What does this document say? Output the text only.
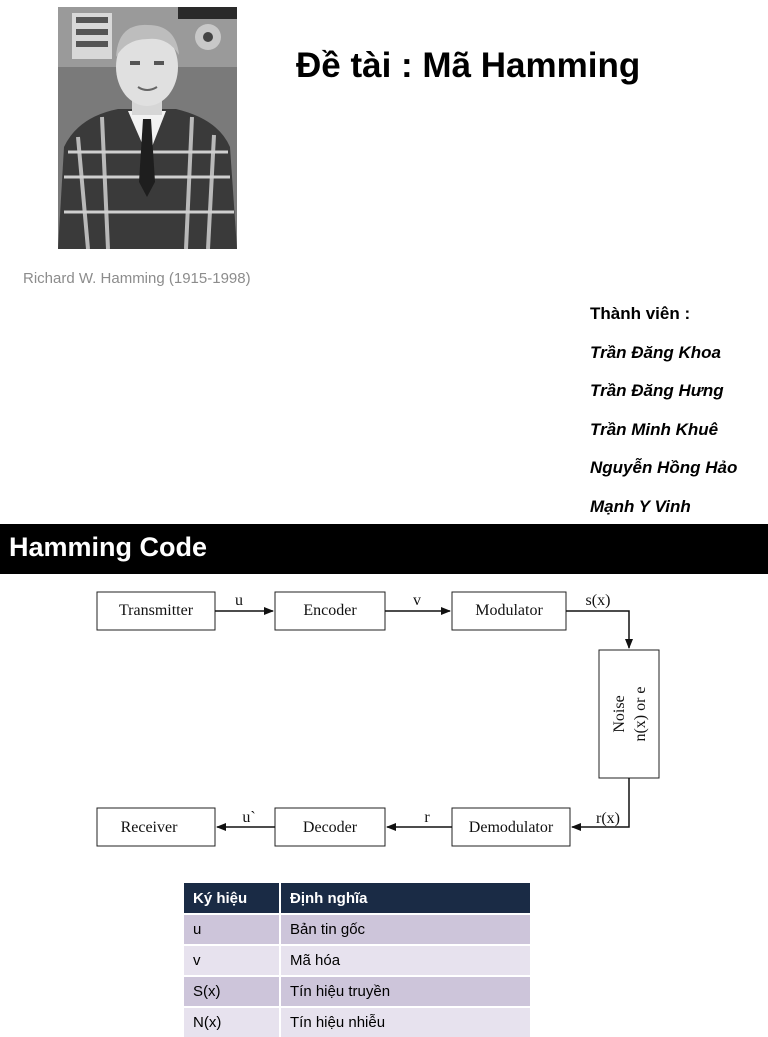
Richard W. Hamming (1915-1998)
Đề tài : Mã Hamming
Thành viên :
Trần Đăng Khoa
Trần Đăng Hưng
Trần Minh Khuê
Nguyễn Hồng Hảo
Mạnh Y Vinh
Hamming Code
Transmitter	Encoder	Modulator
Noise n(x) or e
Demodulator
Decoder
Receiver
u	v	s(x)
r(x)
r
u`
Ký hiệu	Định nghĩa
u	Bản tin gốc
v	Mã hóa
S(x)	Tín hiệu truyền
N(x)	Tín hiệu nhiễu
